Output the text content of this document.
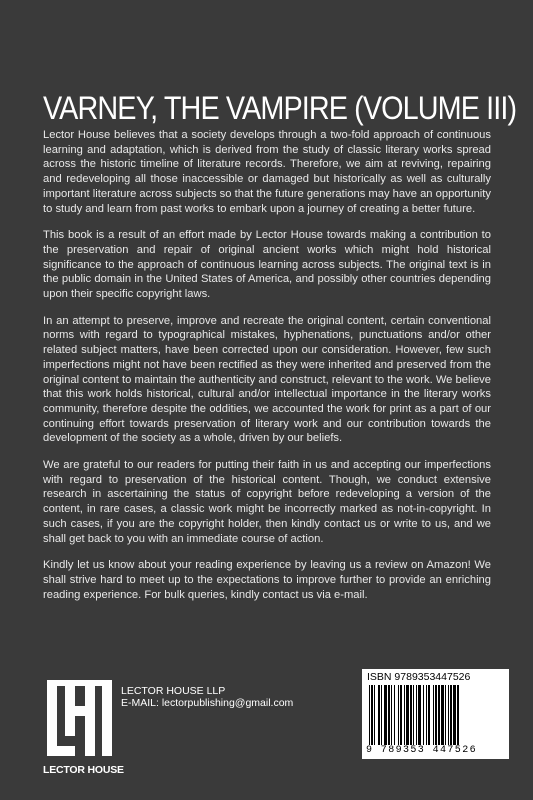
VARNEY, THE VAMPIRE (VOLUME III)

Lector House believes that a society develops through a two-fold approach of continuous learning and adaptation, which is derived from the study of classic literary works spread across the historic timeline of literature records. Therefore, we aim at reviving, repairing and redeveloping all those inaccessible or damaged but historically as well as culturally important literature across subjects so that the future generations may have an opportunity to study and learn from past works to embark upon a journey of creating a better future.

This book is a result of an effort made by Lector House towards making a contribution to the preservation and repair of original ancient works which might hold historical significance to the approach of continuous learning across subjects. The original text is in the public domain in the United States of America, and possibly other countries depending upon their specific copyright laws.

In an attempt to preserve, improve and recreate the original content, certain conventional norms with regard to typographical mistakes, hyphenations, punctuations and/or other related subject matters, have been corrected upon our consideration. However, few such imperfections might not have been rectified as they were inherited and preserved from the original content to maintain the authenticity and construct, relevant to the work. We believe that this work holds historical, cultural and/or intellectual importance in the literary works community, therefore despite the oddities, we accounted the work for print as a part of our continuing effort towards preservation of literary work and our contribution towards the development of the society as a whole, driven by our beliefs.

We are grateful to our readers for putting their faith in us and accepting our imperfections with regard to preservation of the historical content. Though, we conduct extensive research in ascertaining the status of copyright before redeveloping a version of the content, in rare cases, a classic work might be incorrectly marked as not-in-copyright. In such cases, if you are the copyright holder, then kindly contact us or write to us, and we shall get back to you with an immediate course of action.

Kindly let us know about your reading experience by leaving us a review on Amazon! We shall strive hard to meet up to the expectations to improve further to provide an enriching reading experience. For bulk queries, kindly contact us via e-mail.

LECTOR HOUSE
LECTOR HOUSE LLP
E-MAIL: lectorpublishing@gmail.com
ISBN 9789353447526
9 789353 447526
